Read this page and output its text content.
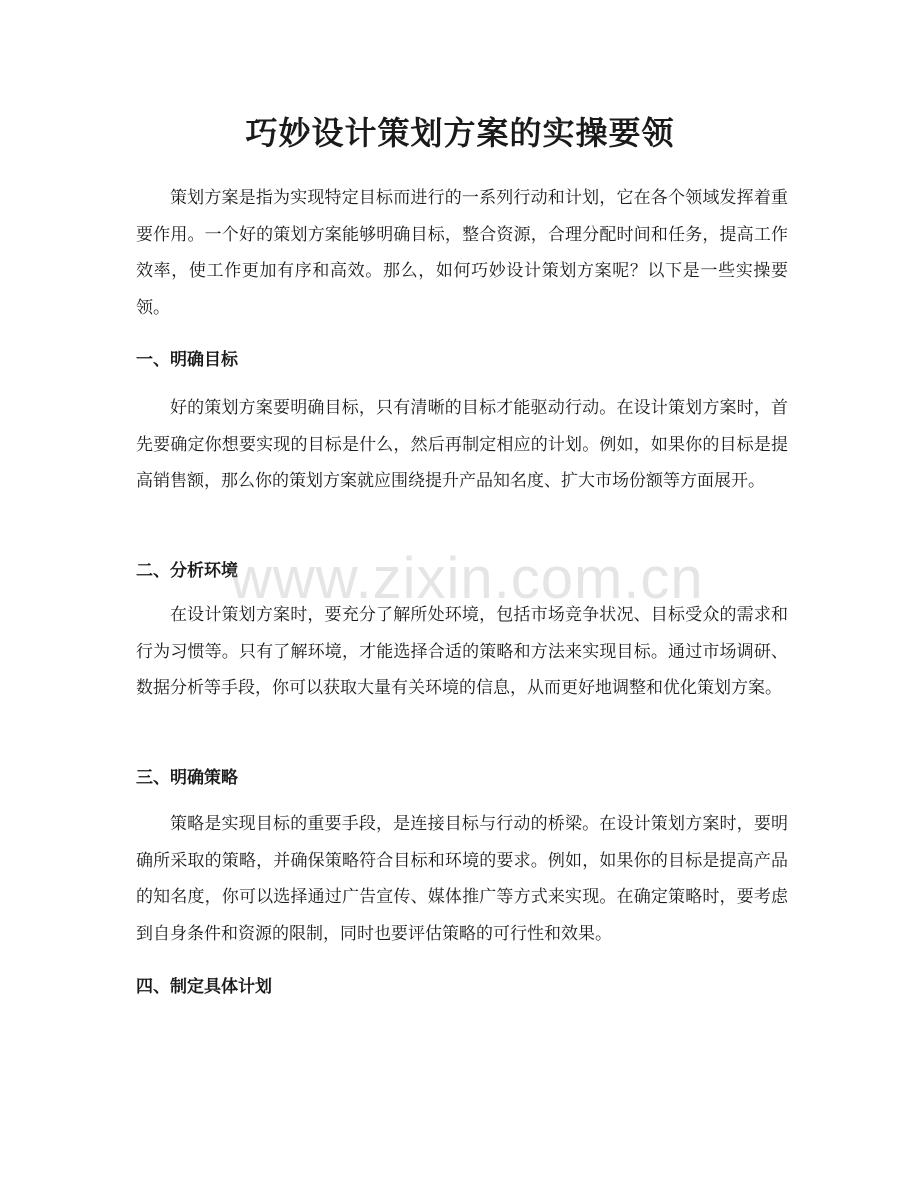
巧妙设计策划方案的实操要领

策划方案是指为实现特定目标而进行的一系列行动和计划，它在各个领域发挥着重要作用。一个好的策划方案能够明确目标，整合资源，合理分配时间和任务，提高工作效率，使工作更加有序和高效。那么，如何巧妙设计策划方案呢？以下是一些实操要领。

一、明确目标

好的策划方案要明确目标，只有清晰的目标才能驱动行动。在设计策划方案时，首先要确定你想要实现的目标是什么，然后再制定相应的计划。例如，如果你的目标是提高销售额，那么你的策划方案就应围绕提升产品知名度、扩大市场份额等方面展开。

二、分析环境

在设计策划方案时，要充分了解所处环境，包括市场竞争状况、目标受众的需求和行为习惯等。只有了解环境，才能选择合适的策略和方法来实现目标。通过市场调研、数据分析等手段，你可以获取大量有关环境的信息，从而更好地调整和优化策划方案。

三、明确策略

策略是实现目标的重要手段，是连接目标与行动的桥梁。在设计策划方案时，要明确所采取的策略，并确保策略符合目标和环境的要求。例如，如果你的目标是提高产品的知名度，你可以选择通过广告宣传、媒体推广等方式来实现。在确定策略时，要考虑到自身条件和资源的限制，同时也要评估策略的可行性和效果。

四、制定具体计划
www.zixin.com.cn
